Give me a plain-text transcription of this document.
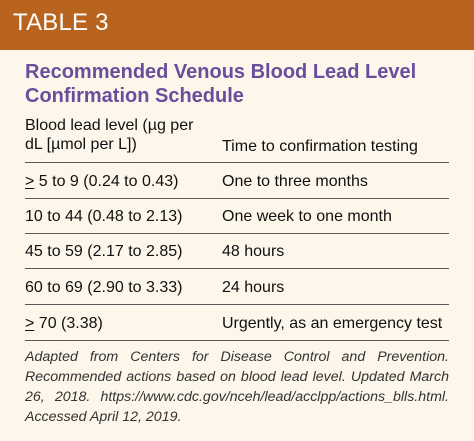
TABLE 3
Recommended Venous Blood Lead Level Confirmation Schedule
Blood lead level (µg per dL [µmol per L])	Time to confirmation testing
≥ 5 to 9 (0.24 to 0.43)	One to three months
10 to 44 (0.48 to 2.13) One week to one month
45 to 59 (2.17 to 2.85) 48 hours
60 to 69 (2.90 to 3.33) 24 hours
≥ 70 (3.38)	Urgently, as an emergency test
Adapted from Centers for Disease Control and Prevention. Recommended actions based on blood lead level. Updated March 26, 2018. https://www.cdc.gov/nceh/lead/acclpp/actions_blls.html. Accessed April 12, 2019.
